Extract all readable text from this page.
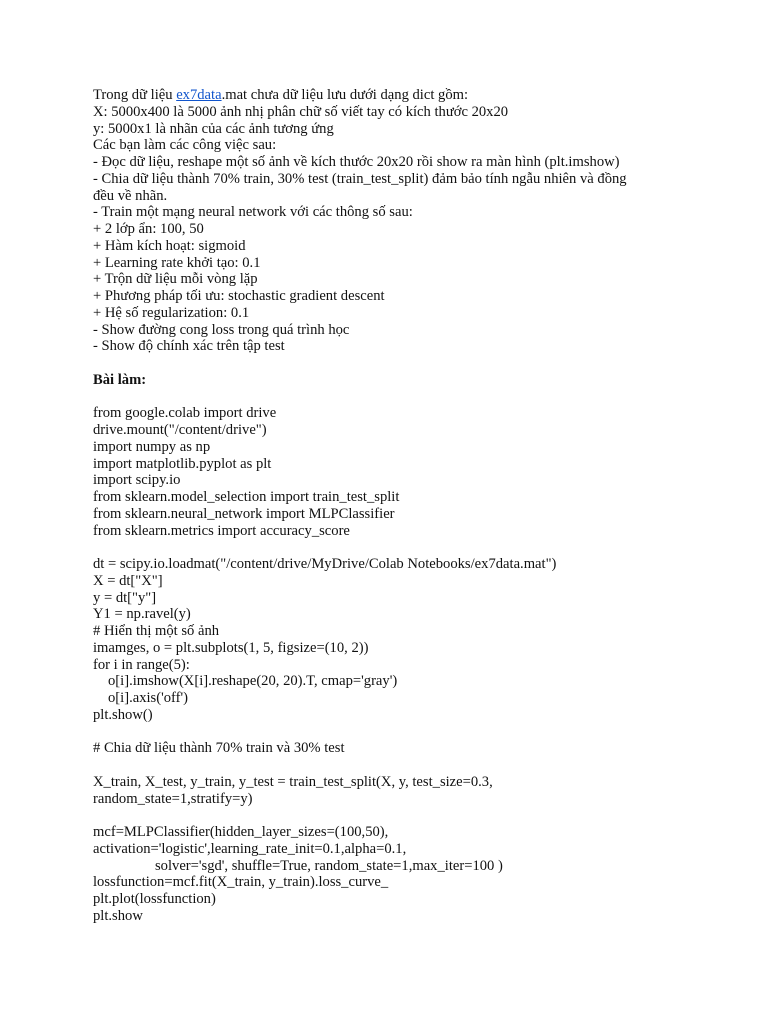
Trong dữ liệu ex7data.mat chưa dữ liệu lưu dưới dạng dict gồm:
X: 5000x400 là 5000 ảnh nhị phân chữ số viết tay có kích thước 20x20
y: 5000x1 là nhãn của các ảnh tương ứng
Các bạn làm các công việc sau:
- Đọc dữ liệu, reshape một số ảnh về kích thước 20x20 rồi show ra màn hình (plt.imshow)
- Chia dữ liệu thành 70% train, 30% test (train_test_split) đảm bảo tính ngẫu nhiên và đồng
đều về nhãn.
- Train một mạng neural network với các thông số sau:
+ 2 lớp ẩn: 100, 50
+ Hàm kích hoạt: sigmoid
+ Learning rate khởi tạo: 0.1
+ Trộn dữ liệu mỗi vòng lặp
+ Phương pháp tối ưu: stochastic gradient descent
+ Hệ số regularization: 0.1
- Show đường cong loss trong quá trình học
- Show độ chính xác trên tập test
Bài làm:
from google.colab import drive
drive.mount("/content/drive")
import numpy as np
import matplotlib.pyplot as plt
import scipy.io
from sklearn.model_selection import train_test_split
from sklearn.neural_network import MLPClassifier
from sklearn.metrics import accuracy_score
dt = scipy.io.loadmat("/content/drive/MyDrive/Colab Notebooks/ex7data.mat")
X = dt["X"]
y = dt["y"]
Y1 = np.ravel(y)
# Hiển thị một số ảnh
imamges, o = plt.subplots(1, 5, figsize=(10, 2))
for i in range(5):
o[i].imshow(X[i].reshape(20, 20).T, cmap='gray')
o[i].axis('off')
plt.show()
# Chia dữ liệu thành 70% train và 30% test
X_train, X_test, y_train, y_test = train_test_split(X, y, test_size=0.3,
random_state=1,stratify=y)
mcf=MLPClassifier(hidden_layer_sizes=(100,50),
activation='logistic',learning_rate_init=0.1,alpha=0.1,
solver='sgd', shuffle=True, random_state=1,max_iter=100 )
lossfunction=mcf.fit(X_train, y_train).loss_curve_
plt.plot(lossfunction)
plt.show
